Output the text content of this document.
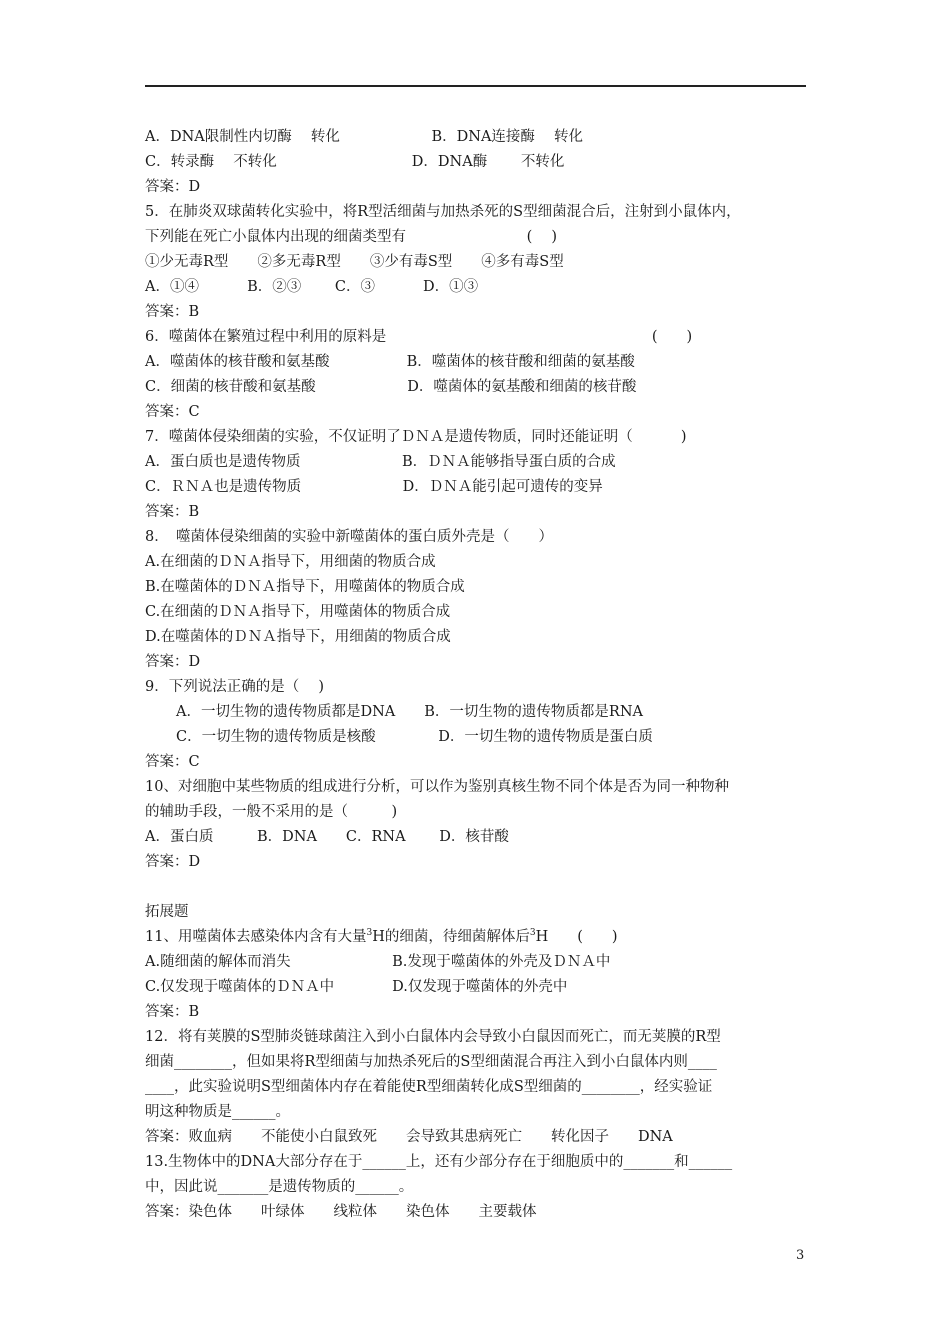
A．DNA限制性内切酶　 转化　　　　　　 B．DNA连接酶　 转化
C．转录酶　 不转化　　　　　　　　　 D．DNA酶　　 不转化
答案：D
5．在肺炎双球菌转化实验中，将R型活细菌与加热杀死的S型细菌混合后，注射到小鼠体内，
下列能在死亡小鼠体内出现的细菌类型有　　　　　　　　 (　 )
①少无毒R型　　②多无毒R型　　③少有毒S型　　④多有毒S型
A．①④　　　 B．②③　　 C．③　　　 D．①③
答案：B
6．噬菌体在繁殖过程中利用的原料是　　　　　　　　　　　　　　　　　　 (　　)
A．噬菌体的核苷酸和氨基酸　　　　　 B．噬菌体的核苷酸和细菌的氨基酸
C．细菌的核苷酸和氨基酸　　　　　　 D．噬菌体的氨基酸和细菌的核苷酸
答案：C
7．噬菌体侵染细菌的实验，不仅证明了ＤＮＡ是遗传物质，同时还能证明（　　　 )
A．蛋白质也是遗传物质　　　　　　　B．ＤＮＡ能够指导蛋白质的合成
C．ＲＮＡ也是遗传物质　　　　　　　D．ＤＮＡ能引起可遗传的变异
答案：B
8．　噬菌体侵染细菌的实验中新噬菌体的蛋白质外壳是（　　）
A.在细菌的ＤＮＡ指导下，用细菌的物质合成
B.在噬菌体的ＤＮＡ指导下，用噬菌体的物质合成
C.在细菌的ＤＮＡ指导下，用噬菌体的物质合成
D.在噬菌体的ＤＮＡ指导下，用细菌的物质合成
答案：D
9．下列说法正确的是（　 )
A．一切生物的遗传物质都是DNA　　B．一切生物的遗传物质都是RNA
C．一切生物的遗传物质是核酸　　　　 D．一切生物的遗传物质是蛋白质
答案：C
10、对细胞中某些物质的组成进行分析，可以作为鉴别真核生物不同个体是否为同一种物种
的辅助手段，一般不采用的是（　　　)
A．蛋白质　　　B．DNA　　C．RNA　　 D．核苷酸
答案：D
拓展题
11、用噬菌体去感染体内含有大量$^3$H的细菌，待细菌解体后$^3$H　　(　　)
A.随细菌的解体而消失　　　　　　　B.发现于噬菌体的外壳及ＤＮＡ中
C.仅发现于噬菌体的ＤＮＡ中　　　　D.仅发现于噬菌体的外壳中
答案：B
12．将有荚膜的S型肺炎链球菌注入到小白鼠体内会导致小白鼠因而死亡，而无荚膜的R型
细菌________，但如果将R型细菌与加热杀死后的S型细菌混合再注入到小白鼠体内则____
____，此实验说明S型细菌体内存在着能使R型细菌转化成S型细菌的________，经实验证
明这种物质是______。
答案：败血病　　不能使小白鼠致死　　会导致其患病死亡　　转化因子　　DNA
13.生物体中的DNA大部分存在于______上，还有少部分存在于细胞质中的_______和______
中，因此说_______是遗传物质的______。
答案：染色体　　叶绿体　　线粒体　　染色体　　主要载体
3
